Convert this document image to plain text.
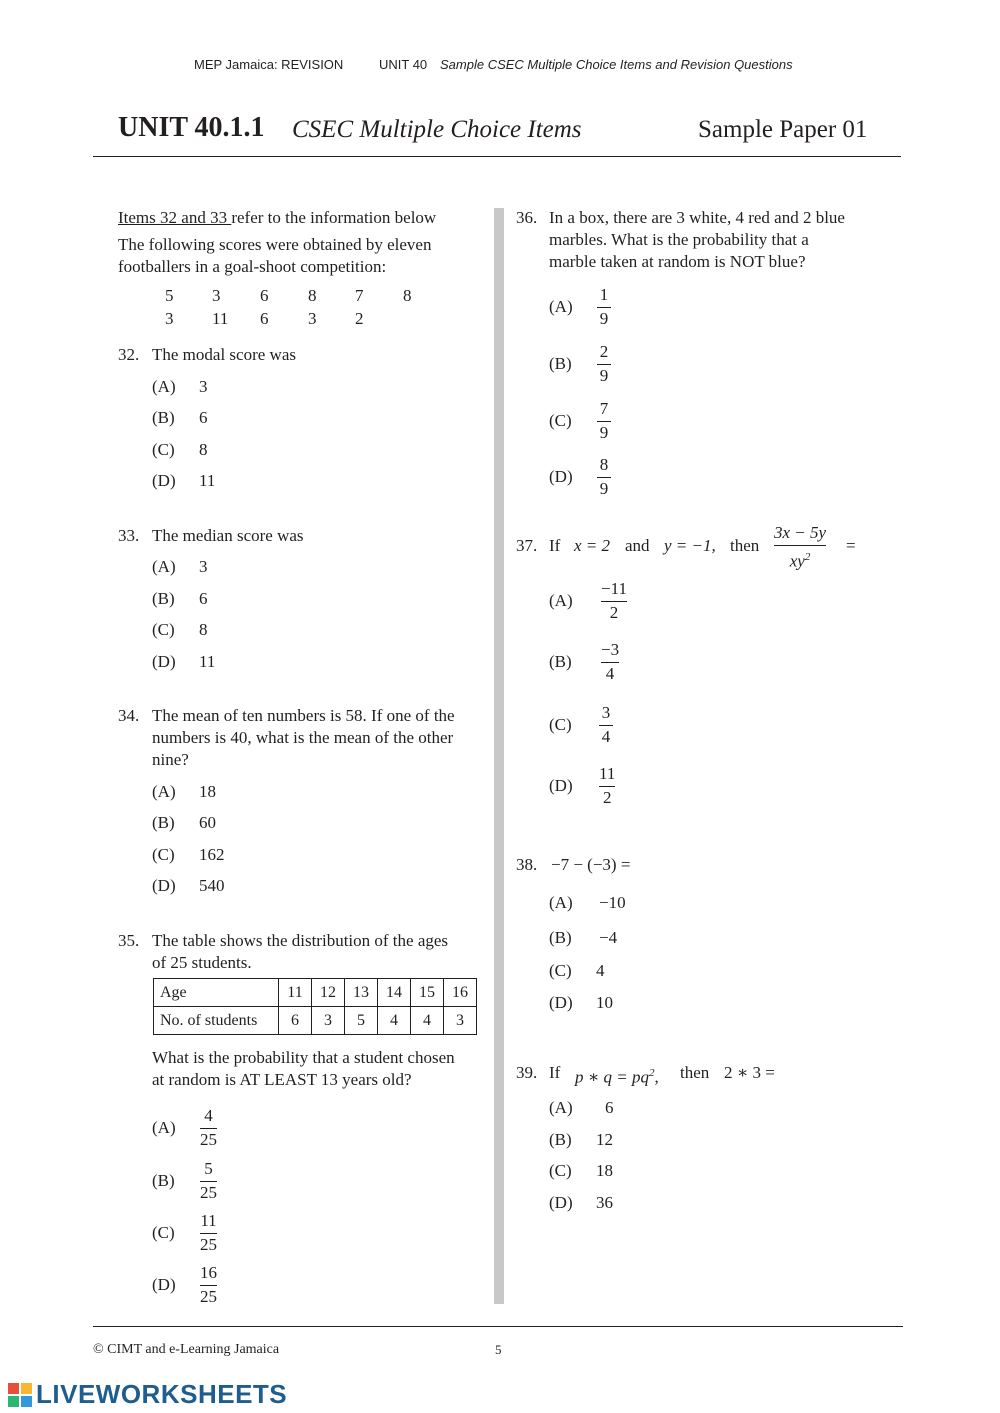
MEP Jamaica: REVISION	UNIT 40 Sample CSEC Multiple Choice Items and Revision Questions
UNIT 40.1.1 CSEC Multiple Choice Items	Sample Paper 01
Items 32 and 33 refer to the information below
The following scores were obtained by eleven
footballers in a goal-shoot competition:
5 3 6 8 7 8
3 11 6 3 2
32. The modal score was
(A) 3
(B) 6
(C) 8
(D) 11
33. The median score was
(A) 3
(B) 6
(C) 8
(D) 11
34. The mean of ten numbers is 58. If one of the
numbers is 40, what is the mean of the other
nine?
(A) 18
(B) 60
(C) 162
(D) 540
35. The table shows the distribution of the ages
of 25 students.
Age	11	12	13	14	15	16
No. of students	6	3	5	4	4	3
What is the probability that a student chosen
at random is AT LEAST 13 years old?
(A)
4
25
(B)
5
25
(C)
11
25
(D)
16
25
36. In a box, there are 3 white, 4 red and 2 blue
marbles. What is the probability that a
marble taken at random is NOT blue?
(A)
1
9
(B)
2
9
(C)
7
9
(D)
8
9
37. If x = 2 and y = −1, then
3x − 5y
$xy^2$
=
(A)
−11
2
(B)
−3
4
(C)
3
4
(D)
11
2
38. −7 − (−3) =
(A) −10
(B) −4
(C) 4
(D) 10
39. If p ∗ $q = pq^2$, then 2 ∗ 3 =
(A) 6
(B) 12
(C) 18
(D) 36
© CIMT and e-Learning Jamaica	5
LIVEWORKSHEETS
